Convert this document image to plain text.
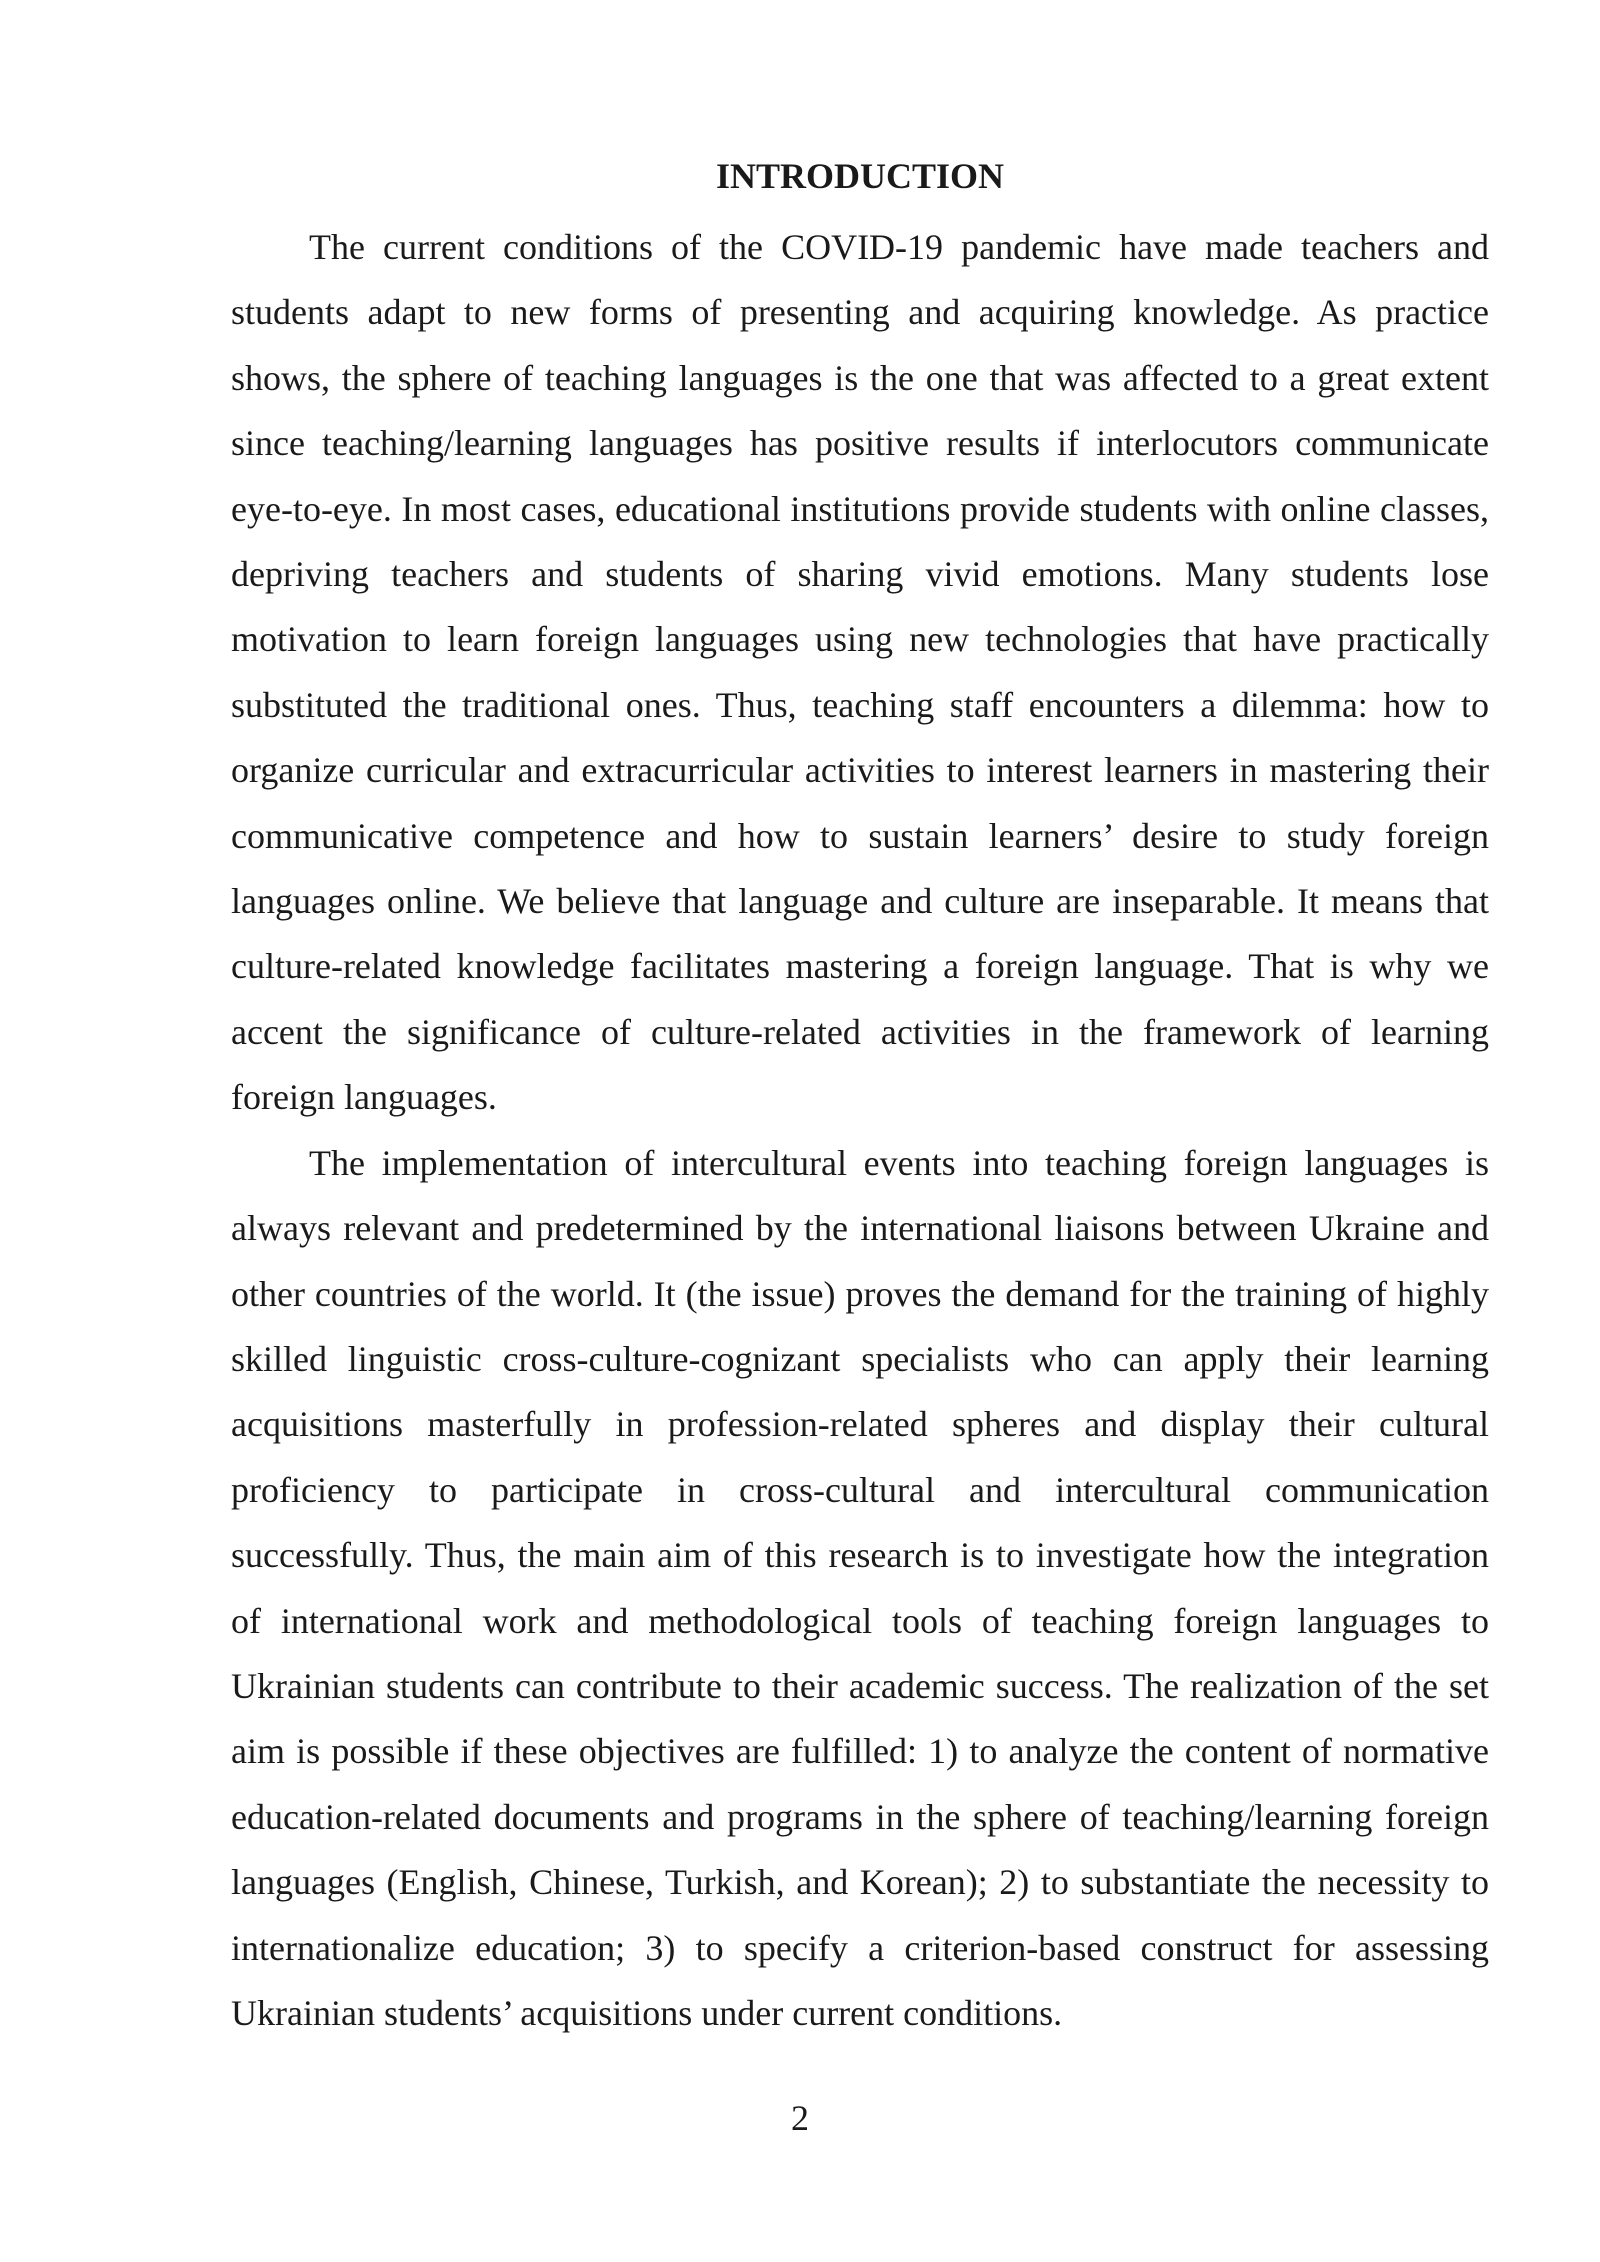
INTRODUCTION

The current conditions of the COVID-19 pandemic have made teachers and students adapt to new forms of presenting and acquiring knowledge. As practice shows, the sphere of teaching languages is the one that was affected to a great extent since teaching/learning languages has positive results if interlocutors communicate eye-to-eye. In most cases, educational institutions provide students with online classes, depriving teachers and students of sharing vivid emotions. Many students lose motivation to learn foreign languages using new technologies that have practically substituted the traditional ones. Thus, teaching staff encounters a dilemma: how to organize curricular and extracurricular activities to interest learners in mastering their communicative competence and how to sustain learners’ desire to study foreign languages online. We believe that language and culture are inseparable. It means that culture-related knowledge facilitates mastering a foreign language. That is why we accent the significance of culture-related activities in the framework of learning foreign languages.

The implementation of intercultural events into teaching foreign languages is always relevant and predetermined by the international liaisons between Ukraine and other countries of the world. It (the issue) proves the demand for the training of highly skilled linguistic cross-culture-cognizant specialists who can apply their learning acquisitions masterfully in profession-related spheres and display their cultural proficiency to participate in cross-cultural and intercultural communication successfully. Thus, the main aim of this research is to investigate how the integration of international work and methodological tools of teaching foreign languages to Ukrainian students can contribute to their academic success. The realization of the set aim is possible if these objectives are fulfilled: 1) to analyze the content of normative education-related documents and programs in the sphere of teaching/learning foreign languages (English, Chinese, Turkish, and Korean); 2) to substantiate the necessity to internationalize education; 3) to specify a criterion-based construct for assessing Ukrainian students’ acquisitions under current conditions.

2
